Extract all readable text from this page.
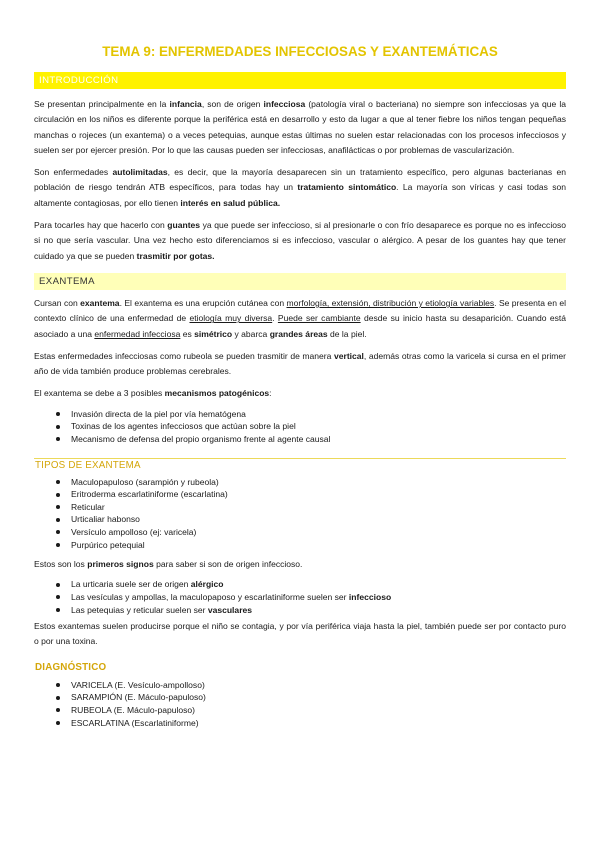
TEMA 9: ENFERMEDADES INFECCIOSAS Y EXANTEMÁTICAS
INTRODUCCIÓN

Se presentan principalmente en la infancia, son de origen infecciosa (patología viral o bacteriana) no siempre son infecciosas ya que la circulación en los niños es diferente porque la periférica está en desarrollo y esto da lugar a que al tener fiebre los niños tengan pequeñas manchas o rojeces (un exantema) o a veces petequias, aunque estas últimas no suelen estar relacionadas con los procesos infecciosos y suelen ser por ejercer presión. Por lo que las causas pueden ser infecciosas, anafilácticas o por problemas de vascularización.

Son enfermedades autolimitadas, es decir, que la mayoría desaparecen sin un tratamiento específico, pero algunas bacterianas en población de riesgo tendrán ATB específicos, para todas hay un tratamiento sintomático. La mayoría son víricas y casi todas son altamente contagiosas, por ello tienen interés en salud pública.

Para tocarles hay que hacerlo con guantes ya que puede ser infeccioso, si al presionarle o con frío desaparece es porque no es infeccioso si no que sería vascular. Una vez hecho esto diferenciamos si es infeccioso, vascular o alérgico. A pesar de los guantes hay que tener cuidado ya que se pueden trasmitir por gotas.

EXANTEMA

Cursan con exantema. El exantema es una erupción cutánea con morfología, extensión, distribución y etiología variables. Se presenta en el contexto clínico de una enfermedad de etiología muy diversa. Puede ser cambiante desde su inicio hasta su desaparición. Cuando está asociado a una enfermedad infecciosa es simétrico y abarca grandes áreas de la piel.

Estas enfermedades infecciosas como rubeola se pueden trasmitir de manera vertical, además otras como la varicela si cursa en el primer año de vida también produce problemas cerebrales.

El exantema se debe a 3 posibles mecanismos patogénicos:

Invasión directa de la piel por vía hematógena
Toxinas de los agentes infecciosos que actúan sobre la piel
Mecanismo de defensa del propio organismo frente al agente causal
TIPOS DE EXANTEMA
Maculopapuloso (sarampión y rubeola)
Eritroderma escarlatiniforme (escarlatina)
Reticular
Urticaliar habonso
Versículo ampolloso (ej: varicela)
Purpúrico petequial

Estos son los primeros signos para saber si son de origen infeccioso.

La urticaria suele ser de origen alérgico
Las vesículas y ampollas, la maculopaposo y escarlatiniforme suelen ser infeccioso
Las petequias y reticular suelen ser vasculares

Estos exantemas suelen producirse porque el niño se contagia, y por vía periférica viaja hasta la piel, también puede ser por contacto puro o por una toxina.

DIAGNÓSTICO
VARICELA (E. Vesículo-ampolloso)
SARAMPIÓN (E. Máculo-papuloso)
RUBEOLA (E. Máculo-papuloso)
ESCARLATINA (Escarlatiniforme)
